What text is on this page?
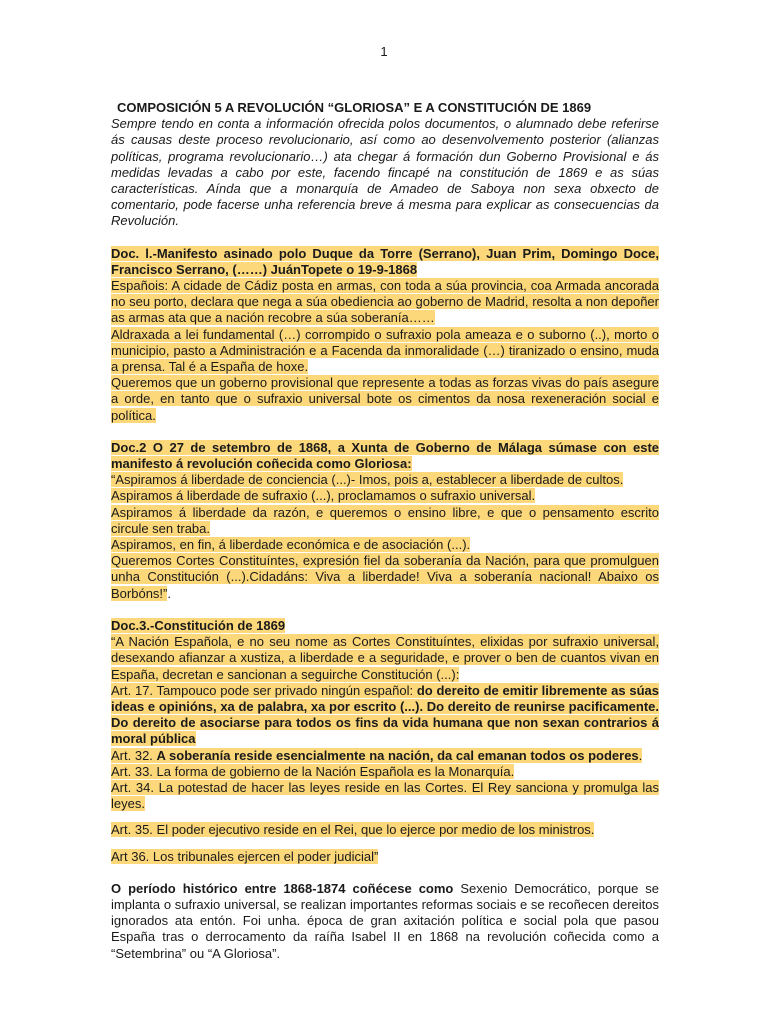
1

COMPOSICIÓN 5 A REVOLUCIÓN “GLORIOSA” E A CONSTITUCIÓN DE 1869

Sempre tendo en conta a información ofrecida polos documentos, o alumnado debe referirse ás causas deste proceso revolucionario, así como ao desenvolvemento posterior (alianzas políticas, programa revolucionario…) ata chegar á formación dun Goberno Provisional e ás medidas levadas a cabo por este, facendo fincapé na constitución de 1869 e as súas características. Aínda que a monarquía de Amadeo de Saboya non sexa obxecto de comentario, pode facerse unha referencia breve á mesma para explicar as consecuencias da Revolución.

Doc. l.-Manifesto asinado polo Duque da Torre (Serrano), Juan Prim, Domingo Doce, Francisco Serrano, (……) JuánTopete o 19-9-1868

Españois: A cidade de Cádiz posta en armas, con toda a súa provincia, coa Armada ancorada no seu porto, declara que nega a súa obediencia ao goberno de Madrid, resolta a non depoñer as armas ata que a nación recobre a súa soberanía……

Aldraxada a lei fundamental (…) corrompido o sufraxio pola ameaza e o suborno (..), morto o municipio, pasto a Administración e a Facenda da inmoralidade (…) tiranizado o ensino, muda a prensa. Tal é a España de hoxe.

Queremos que un goberno provisional que represente a todas as forzas vivas do país asegure a orde, en tanto que o sufraxio universal bote os cimentos da nosa rexeneración social e política.

Doc.2 O 27 de setembro de 1868, a Xunta de Goberno de Málaga súmase con este manifesto á revolución coñecida como Gloriosa:

“Aspiramos á liberdade de conciencia (...)- Imos, pois a, establecer a liberdade de cultos.

Aspiramos á liberdade de sufraxio (...), proclamamos o sufraxio universal.

Aspiramos á liberdade da razón, e queremos o ensino libre, e que o pensamento escrito circule sen traba.

Aspiramos, en fin, á liberdade económica e de asociación (...).

Queremos Cortes Constituíntes, expresión fiel da soberanía da Nación, para que promulguen unha Constitución (...).Cidadáns: Viva a liberdade! Viva a soberanía nacional! Abaixo os Borbóns!”.

Doc.3.-Constitución de 1869

“A Nación Española, e no seu nome as Cortes Constituíntes, elixidas por sufraxio universal, desexando afianzar a xustiza, a liberdade e a seguridade, e prover o ben de cuantos vivan en España, decretan e sancionan a seguirche Constitución (...):

Art. 17. Tampouco pode ser privado ningún español: do dereito de emitir libremente as súas ideas e opinións, xa de palabra, xa por escrito (...). Do dereito de reunirse pacificamente. Do dereito de asociarse para todos os fins da vida humana que non sexan contrarios á moral pública

Art. 32. A soberanía reside esencialmente na nación, da cal emanan todos os poderes.

Art. 33. La forma de gobierno de la Nación Española es la Monarquía.

Art. 34. La potestad de hacer las leyes reside en las Cortes. El Rey sanciona y promulga las leyes.

Art. 35. El poder ejecutivo reside en el Rei, que lo ejerce por medio de los ministros.

Art 36. Los tribunales ejercen el poder judicial”

O período histórico entre 1868-1874 coñécese como Sexenio Democrático, porque se implanta o sufraxio universal, se realizan importantes reformas sociais e se recoñecen dereitos ignorados ata entón. Foi unha. época de gran axitación política e social pola que pasou España tras o derrocamento da raíña Isabel II en 1868 na revolución coñecida como a “Setembrina” ou “A Gloriosa”.
